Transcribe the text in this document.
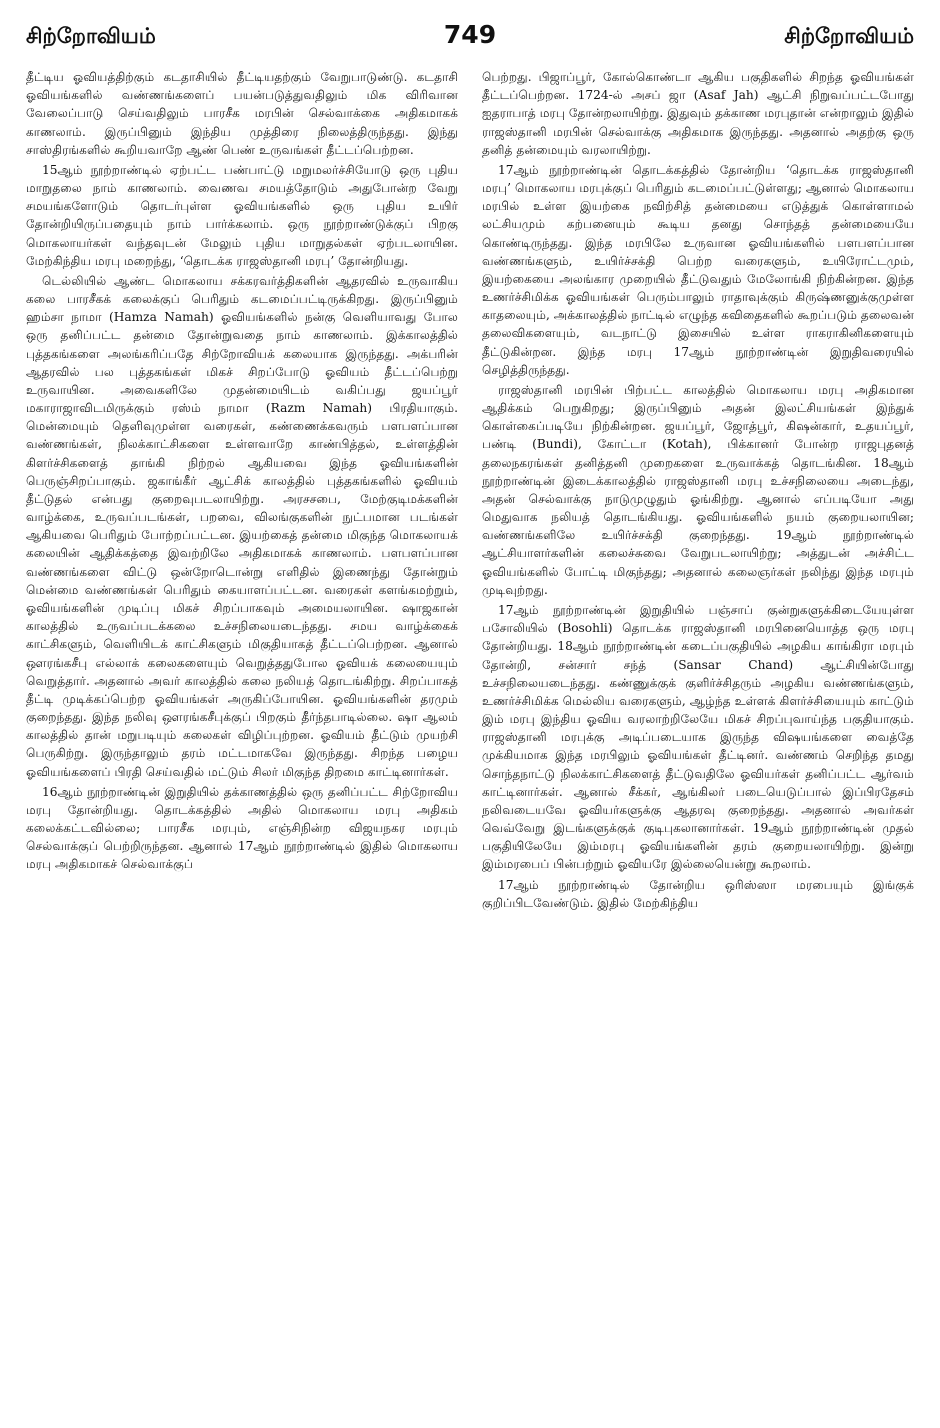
சிற்றோவியம்	749	சிற்றோவியம்

தீட்டிய ஓவியத்திற்கும் கடதாசியில் தீட்டியதற்கும் வேறுபாடுண்டு. கடதாசி ஓவியங்களில் வண்ணங்களைப் பயன்படுத்துவதிலும் மிக விரிவான வேலைப்பாடு செய்வதிலும் பாரசீக மரபின் செல்வாக்கை அதிகமாகக் காணலாம். இருப்பினும் இந்திய முத்திரை நிலைத்திருந்தது. இந்து சாஸ்திரங்களில் கூறியவாறே ஆண் பெண் உருவங்கள் தீட்டப்பெற்றன.

15ஆம் நூற்றாண்டில் ஏற்பட்ட பண்பாட்டு மறுமலர்ச்சியோடு ஒரு புதிய மாறுதலை நாம் காணலாம். வைணவ சமயத்தோடும் அதுபோன்ற வேறு சமயங்களோடும் தொடர்புள்ள ஓவியங்களில் ஒரு புதிய உயிர் தோன்றியிருப்பதையும் நாம் பார்க்கலாம். ஒரு நூற்றாண்டுக்குப் பிறகு மொகலாயர்கள் வந்தவுடன் மேலும் புதிய மாறுதல்கள் ஏற்படலாயின. மேற்கிந்திய மரபு மறைந்து, ‘தொடக்க ராஜஸ்தானி மரபு’ தோன்றியது.

டெல்லியில் ஆண்ட மொகலாய சக்கரவர்த்திகளின் ஆதரவில் உருவாகிய கலை பாரசீகக் கலைக்குப் பெரிதும் கடமைப்பட்டிருக்கிறது. இருப்பினும் ஹம்சா நாமா (Hamza Namah) ஓவியங்களில் நன்கு வெளியாவது போல ஒரு தனிப்பட்ட தன்மை தோன்றுவதை நாம் காணலாம். இக்காலத்தில் புத்தகங்களை அலங்கரிப்பதே சிற்றோவியக் கலையாக இருந்தது. அக்பரின் ஆதரவில் பல புத்தகங்கள் மிகச் சிறப்போடு ஓவியம் தீட்டப்பெற்று உருவாயின. அவைகளிலே முதன்மையிடம் வகிப்பது ஜயப்பூர் மகாராஜாவிடமிருக்கும் ரஸ்ம் நாமா (Razm Namah) பிரதியாகும். மென்மையும் தெளிவுமுள்ள வரைகள், கண்ணைக்கவரும் பளபளப்பான வண்ணங்கள், நிலக்காட்சிகளை உள்ளவாறே காண்பித்தல், உள்ளத்தின் கிளர்ச்சிகளைத் தாங்கி நிற்றல் ஆகியவை இந்த ஓவியங்களின் பெருஞ்சிறப்பாகும். ஜகாங்கீர் ஆட்சிக் காலத்தில் புத்தகங்களில் ஓவியம் தீட்டுதல் என்பது குறைவுபடலாயிற்று. அரசசபை, மேற்குடிமக்களின் வாழ்க்கை, உருவப்படங்கள், பறவை, விலங்குகளின் நுட்பமான படங்கள் ஆகியவை பெரிதும் போற்றப்பட்டன. இயற்கைத் தன்மை மிகுந்த மொகலாயக் கலையின் ஆதிக்கத்தை இவற்றிலே அதிகமாகக் காணலாம். பளபளப்பான வண்ணங்களை விட்டு ஒன்றோடொன்று எளிதில் இணைந்து தோன்றும் மென்மை வண்ணங்கள் பெரிதும் கையாளப்பட்டன. வரைகள் களங்கமற்றும், ஓவியங்களின் முடிப்பு மிகச் சிறப்பாகவும் அமையலாயின. ஷாஜகான் காலத்தில் உருவப்படக்கலை உச்சநிலையடைந்தது. சமய வாழ்க்கைக் காட்சிகளும், வெளியிடக் காட்சிகளும் மிகுதியாகத் தீட்டப்பெற்றன. ஆனால் ஔரங்கசீபு எல்லாக் கலைகளையும் வெறுத்ததுபோல ஓவியக் கலையையும் வெறுத்தார். அதனால் அவர் காலத்தில் கலை நலியத் தொடங்கிற்று. சிறப்பாகத் தீட்டி முடிக்கப்பெற்ற ஓவியங்கள் அருகிப்போயின. ஓவியங்களின் தரமும் குறைந்தது. இந்த நலிவு ஔரங்கசீபுக்குப் பிறகும் தீர்ந்தபாடில்லை. ஷா ஆலம் காலத்தில் தான் மறுபடியும் கலைகள் விழிப்புற்றன. ஓவியம் தீட்டும் முயற்சி பெருகிற்று. இருந்தாலும் தரம் மட்டமாகவே இருந்தது. சிறந்த பழைய ஓவியங்களைப் பிரதி செய்வதில் மட்டும் சிலர் மிகுந்த திறமை காட்டினார்கள்.

16ஆம் நூற்றாண்டின் இறுதியில் தக்காணத்தில் ஒரு தனிப்பட்ட சிற்றோவிய மரபு தோன்றியது. தொடக்கத்தில் அதில் மொகலாய மரபு அதிகம் கலைக்கட்டவில்லை; பாரசீக மரபும், எஞ்சிநின்ற விஜயநகர மரபும் செல்வாக்குப் பெற்றிருந்தன. ஆனால் 17ஆம் நூற்றாண்டில் இதில் மொகலாய மரபு அதிகமாகச் செல்வாக்குப்

பெற்றது. பிஜாப்பூர், கோல்கொண்டா ஆகிய பகுதிகளில் சிறந்த ஓவியங்கள் தீட்டப்பெற்றன. 1724-ல் அசப் ஜா (Asaf Jah) ஆட்சி நிறுவப்பட்டபோது ஐதராபாத் மரபு தோன்றலாயிற்று. இதுவும் தக்காண மரபுதான் என்றாலும் இதில் ராஜஸ்தானி மரபின் செல்வாக்கு அதிகமாக இருந்தது. அதனால் அதற்கு ஒரு தனித் தன்மையும் வரலாயிற்று.

17ஆம் நூற்றாண்டின் தொடக்கத்தில் தோன்றிய ‘தொடக்க ராஜஸ்தானி மரபு’ மொகலாய மரபுக்குப் பெரிதும் கடமைப்பட்டுள்ளது; ஆனால் மொகலாய மரபில் உள்ள இயற்கை நவிற்சித் தன்மையை எடுத்துக் கொள்ளாமல் லட்சியமும் கற்பனையும் கூடிய தனது சொந்தத் தன்மையையே கொண்டிருந்தது. இந்த மரபிலே உருவான ஓவியங்களில் பளபளப்பான வண்ணங்களும், உயிர்ச்சக்தி பெற்ற வரைகளும், உயிரோட்டமும், இயற்கையை அலங்கார முறையில் தீட்டுவதும் மேலோங்கி நிற்கின்றன. இந்த உணர்ச்சிமிக்க ஓவியங்கள் பெரும்பாலும் ராதாவுக்கும் கிருஷ்ணனுக்குமுள்ள காதலையும், அக்காலத்தில் நாட்டில் எழுந்த கவிதைகளில் கூறப்படும் தலைவன் தலைவிகளையும், வடநாட்டு இசையில் உள்ள ராகராகினிகளையும் தீட்டுகின்றன. இந்த மரபு 17ஆம் நூற்றாண்டின் இறுதிவரையில் செழித்திருந்தது.

ராஜஸ்தானி மரபின் பிற்பட்ட காலத்தில் மொகலாய மரபு அதிகமான ஆதிக்கம் பெறுகிறது; இருப்பினும் அதன் இலட்சியங்கள் இந்துக் கொள்கைப்படியே நிற்கின்றன. ஜயப்பூர், ஜோத்பூர், கிஷன்கார், உதயப்பூர், பண்டி (Bundi), கோட்டா (Kotah), பிக்கானர் போன்ற ராஜபுதனத் தலைநகரங்கள் தனித்தனி முறைகளை உருவாக்கத் தொடங்கின. 18ஆம் நூற்றாண்டின் இடைக்காலத்தில் ராஜஸ்தானி மரபு உச்சநிலையை அடைந்து, அதன் செல்வாக்கு நாடுமுழுதும் ஓங்கிற்று. ஆனால் எப்படியோ அது மெதுவாக நலியத் தொடங்கியது. ஓவியங்களில் நயம் குறையலாயின; வண்ணங்களிலே உயிர்ச்சக்தி குறைந்தது. 19ஆம் நூற்றாண்டில் ஆட்சியாளர்களின் கலைச்சுவை வேறுபடலாயிற்று; அத்துடன் அச்சிட்ட ஓவியங்களில் போட்டி மிகுந்தது; அதனால் கலைஞர்கள் நலிந்து இந்த மரபும் முடிவுற்றது.

17ஆம் நூற்றாண்டின் இறுதியில் பஞ்சாப் குன்றுகளுக்கிடையேயுள்ள பசோலியில் (Bosohli) தொடக்க ராஜஸ்தானி மரபினையொத்த ஒரு மரபு தோன்றியது. 18ஆம் நூற்றாண்டின் கடைப்பகுதியில் அழகிய காங்கிரா மரபும் தோன்றி, சன்சார் சந்த் (Sansar Chand) ஆட்சியின்போது உச்சநிலையடைந்தது. கண்ணுக்குக் குளிர்ச்சிதரும் அழகிய வண்ணங்களும், உணர்ச்சிமிக்க மெல்லிய வரைகளும், ஆழ்ந்த உள்ளக் கிளர்ச்சியையும் காட்டும் இம் மரபு இந்திய ஓவிய வரலாற்றிலேயே மிகச் சிறப்புவாய்ந்த பகுதியாகும். ராஜஸ்தானி மரபுக்கு அடிப்படையாக இருந்த விஷயங்களை வைத்தே முக்கியமாக இந்த மரபிலும் ஓவியங்கள் தீட்டினர். வண்ணம் செறிந்த தமது சொந்தநாட்டு நிலக்காட்சிகளைத் தீட்டுவதிலே ஓவியர்கள் தனிப்பட்ட ஆர்வம் காட்டினார்கள். ஆனால் சீக்கர், ஆங்கிலர் படையெடுப்பால் இப்பிரதேசம் நலிவடையவே ஓவியர்களுக்கு ஆதரவு குறைந்தது. அதனால் அவர்கள் வெவ்வேறு இடங்களுக்குக் குடிபுகலானார்கள். 19ஆம் நூற்றாண்டின் முதல் பகுதியிலேயே இம்மரபு ஓவியங்களின் தரம் குறையலாயிற்று. இன்று இம்மரபைப் பின்பற்றும் ஓவியரே இல்லையென்று கூறலாம்.

17ஆம் நூற்றாண்டில் தோன்றிய ஒரிஸ்ஸா மரபையும் இங்குக் குறிப்பிடவேண்டும். இதில் மேற்கிந்திய
